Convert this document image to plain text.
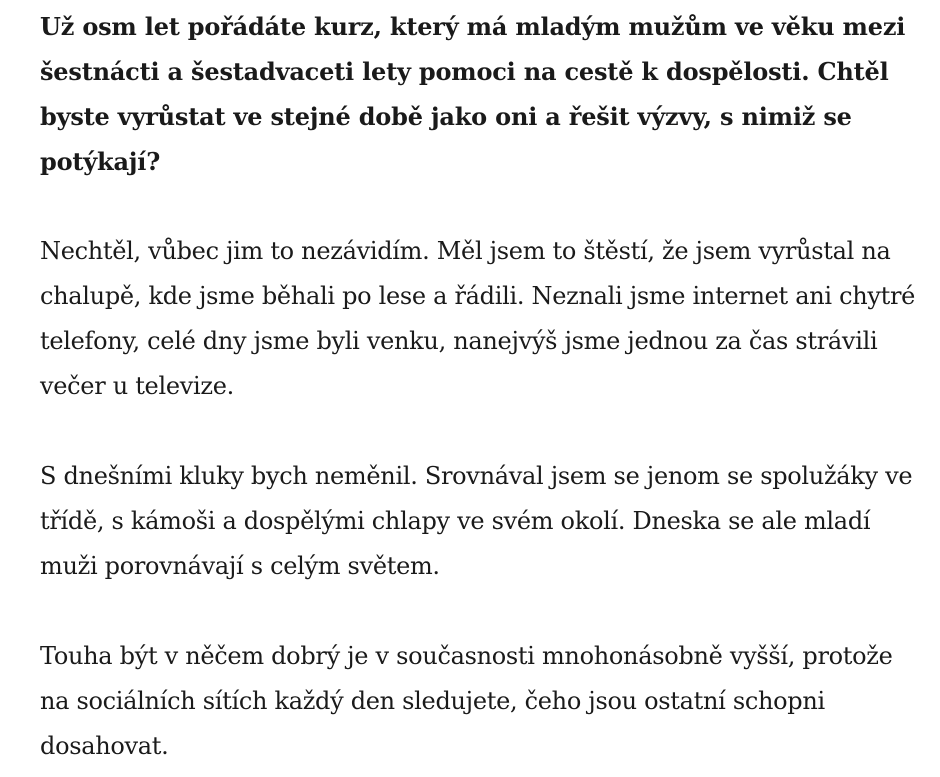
Už osm let pořádáte kurz, který má mladým mužům ve věku mezi šestnácti a šestadvaceti lety pomoci na cestě k dospělosti. Chtěl byste vyrůstat ve stejné době jako oni a řešit výzvy, s nimiž se potýkají?

Nechtěl, vůbec jim to nezávidím. Měl jsem to štěstí, že jsem vyrůstal na chalupě, kde jsme běhali po lese a řádili. Neznali jsme internet ani chytré telefony, celé dny jsme byli venku, nanejvýš jsme jednou za čas strávili večer u televize.

S dnešními kluky bych neměnil. Srovnával jsem se jenom se spolužáky ve třídě, s kámoši a dospělými chlapy ve svém okolí. Dneska se ale mladí muži porovnávají s celým světem.

Touha být v něčem dobrý je v současnosti mnohonásobně vyšší, protože na sociálních sítích každý den sledujete, čeho jsou ostatní schopni dosahovat.
